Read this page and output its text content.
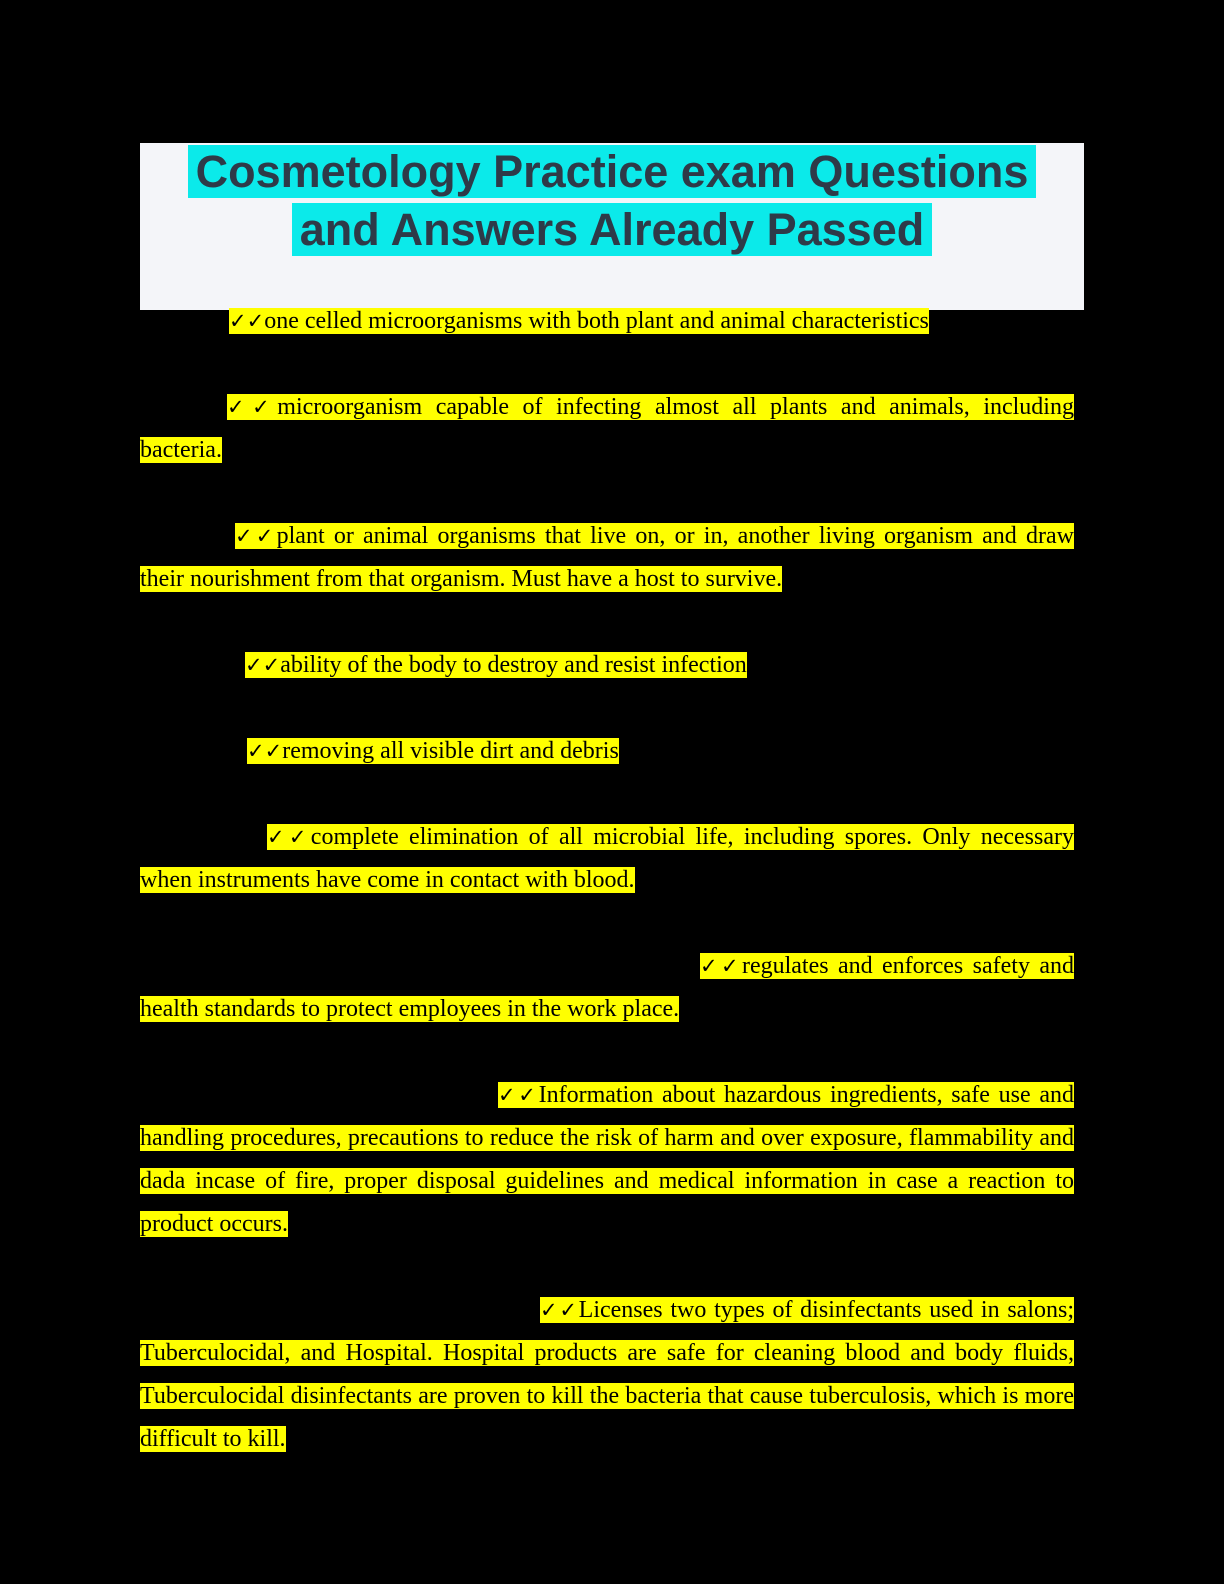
Cosmetology Practice exam Questions
and Answers Already Passed

✓✓one celled microorganisms with both plant and animal characteristics

✓✓microorganism capable of infecting almost all plants and animals, including bacteria.

✓✓plant or animal organisms that live on, or in, another living organism and draw their nourishment from that organism. Must have a host to survive.

✓✓ability of the body to destroy and resist infection

✓✓removing all visible dirt and debris

✓✓complete elimination of all microbial life, including spores. Only necessary when instruments have come in contact with blood.

✓✓regulates and enforces safety and health standards to protect employees in the work place.

✓✓Information about hazardous ingredients, safe use and handling procedures, precautions to reduce the risk of harm and over exposure, flammability and dada incase of fire, proper disposal guidelines and medical information in case a reaction to product occurs.

✓✓Licenses two types of disinfectants used in salons; Tuberculocidal, and Hospital. Hospital products are safe for cleaning blood and body fluids, Tuberculocidal disinfectants are proven to kill the bacteria that cause tuberculosis, which is more difficult to kill.
